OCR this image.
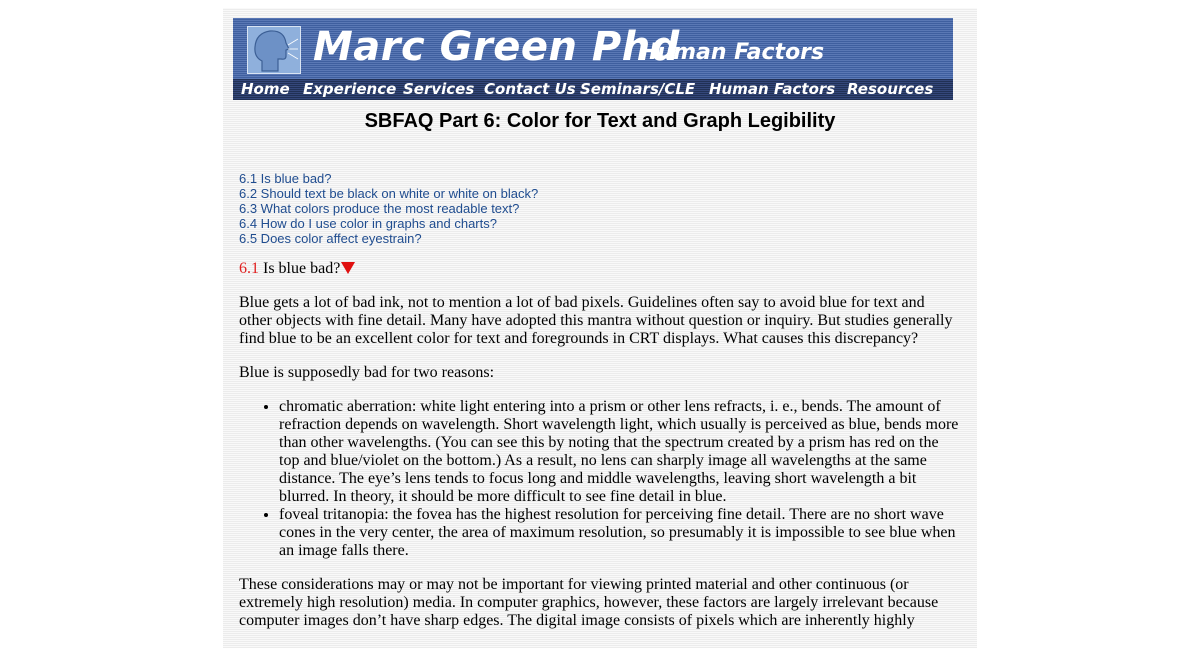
Marc Green Phd
Human Factors
Home Experience Services Contact Us Seminars/CLE Human Factors Resources
SBFAQ Part 6: Color for Text and Graph Legibility
6.1 Is blue bad?
6.2 Should text be black on white or white on black?
6.3 What colors produce the most readable text?
6.4 How do I use color in graphs and charts?
6.5 Does color affect eyestrain?
6.1 Is blue bad?

Blue gets a lot of bad ink, not to mention a lot of bad pixels. Guidelines often say to avoid blue for text and other objects with fine detail. Many have adopted this mantra without question or inquiry. But studies generally find blue to be an excellent color for text and foregrounds in CRT displays. What causes this discrepancy?

Blue is supposedly bad for two reasons:

• chromatic aberration: white light entering into a prism or other lens refracts, i. e., bends. The amount of refraction depends on wavelength. Short wavelength light, which usually is perceived as blue, bends more than other wavelengths. (You can see this by noting that the spectrum created by a prism has red on the top and blue/violet on the bottom.) As a result, no lens can sharply image all wavelengths at the same distance. The eye’s lens tends to focus long and middle wavelengths, leaving short wavelength a bit blurred. In theory, it should be more difficult to see fine detail in blue.
• foveal tritanopia: the fovea has the highest resolution for perceiving fine detail. There are no short wave cones in the very center, the area of maximum resolution, so presumably it is impossible to see blue when an image falls there.

These considerations may or may not be important for viewing printed material and other continuous (or extremely high resolution) media. In computer graphics, however, these factors are largely irrelevant because computer images don’t have sharp edges. The digital image consists of pixels which are inherently highly
